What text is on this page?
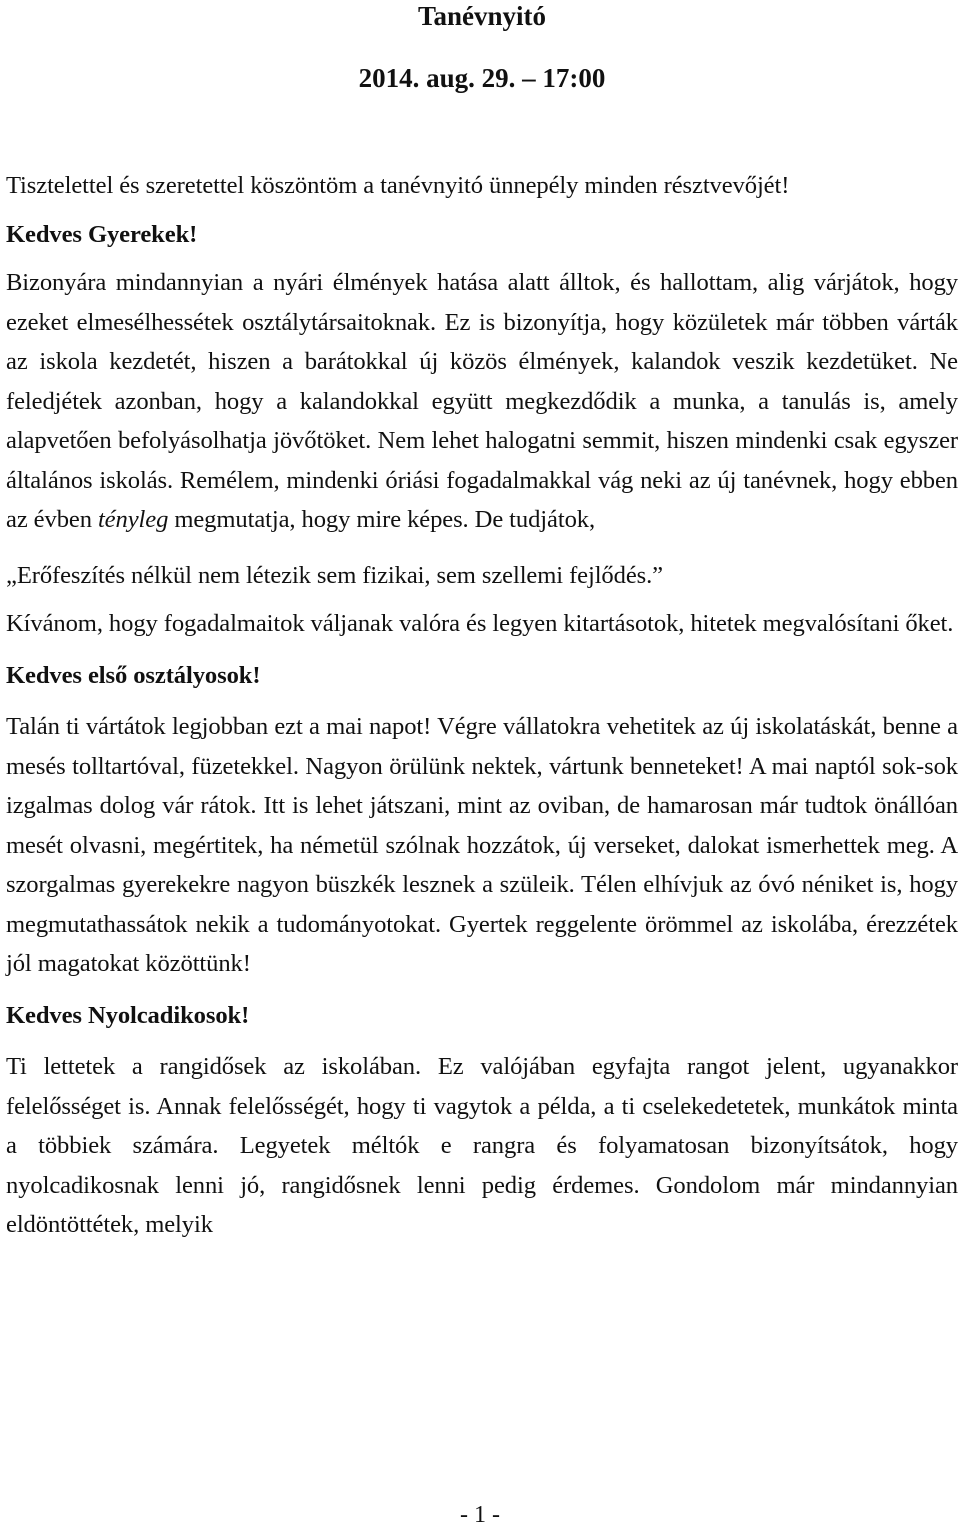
Tanévnyitó
2014. aug. 29. – 17:00

Tisztelettel és szeretettel köszöntöm a tanévnyitó ünnepély minden résztvevőjét!

Kedves Gyerekek!

Bizonyára mindannyian a nyári élmények hatása alatt álltok, és hallottam, alig várjátok, hogy ezeket elmesélhessétek osztálytársaitoknak. Ez is bizonyítja, hogy közületek már többen várták az iskola kezdetét, hiszen a barátokkal új közös élmények, kalandok veszik kezdetüket. Ne feledjétek azonban, hogy a kalandokkal együtt megkezdődik a munka, a tanulás is, amely alapvetően befolyásolhatja jövőtöket. Nem lehet halogatni semmit, hiszen mindenki csak egyszer általános iskolás. Remélem, mindenki óriási fogadalmakkal vág neki az új tanévnek, hogy ebben az évben tényleg megmutatja, hogy mire képes. De tudjátok,

„Erőfeszítés nélkül nem létezik sem fizikai, sem szellemi fejlődés.”

Kívánom, hogy fogadalmaitok váljanak valóra és legyen kitartásotok, hitetek megvalósítani őket.

Kedves első osztályosok!

Talán ti vártátok legjobban ezt a mai napot! Végre vállatokra vehetitek az új iskolatáskát, benne a mesés tolltartóval, füzetekkel. Nagyon örülünk nektek, vártunk benneteket! A mai naptól sok-sok izgalmas dolog vár rátok. Itt is lehet játszani, mint az oviban, de hamarosan már tudtok önállóan mesét olvasni, megértitek, ha németül szólnak hozzátok, új verseket, dalokat ismerhettek meg. A szorgalmas gyerekekre nagyon büszkék lesznek a szüleik. Télen elhívjuk az óvó néniket is, hogy megmutathassátok nekik a tudományotokat. Gyertek reggelente örömmel az iskolába, érezzétek jól magatokat közöttünk!

Kedves Nyolcadikosok!

Ti lettetek a rangidősek az iskolában. Ez valójában egyfajta rangot jelent, ugyanakkor felelősséget is. Annak felelősségét, hogy ti vagytok a példa, a ti cselekedetetek, munkátok minta a többiek számára. Legyetek méltók e rangra és folyamatosan bizonyítsátok, hogy nyolcadikosnak lenni jó, rangidősnek lenni pedig érdemes. Gondolom már mindannyian eldöntöttétek, melyik

- 1 -
